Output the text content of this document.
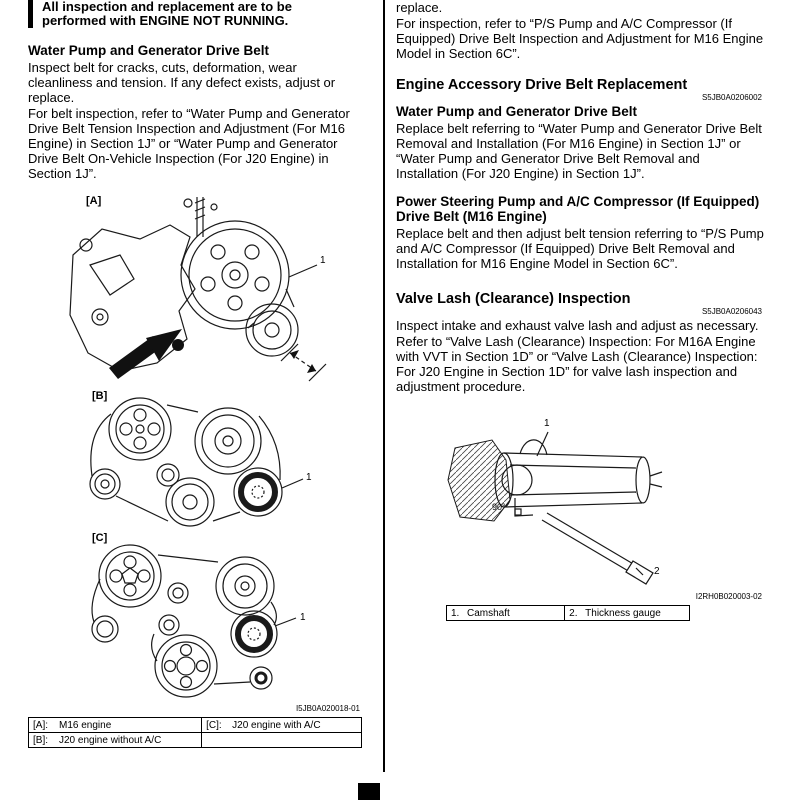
All inspection and replacement are to be performed with ENGINE NOT RUNNING.
Water Pump and Generator Drive Belt

Inspect belt for cracks, cuts, deformation, wear cleanliness and tension. If any defect exists, adjust or replace.

For belt inspection, refer to “Water Pump and Generator Drive Belt Tension Inspection and Adjustment (For M16 Engine) in Section 1J” or “Water Pump and Generator Drive Belt On-Vehicle Inspection (For J20 Engine) in Section 1J”.

[A]
1
[B]
1
[C]
1
I5JB0A020018-01
[A]: M16 engine	[C]: J20 engine with A/C
[B]: J20 engine without A/C	

replace.

For inspection, refer to “P/S Pump and A/C Compressor (If Equipped) Drive Belt Inspection and Adjustment for M16 Engine Model in Section 6C”.

Engine Accessory Drive Belt Replacement
S5JB0A0206002
Water Pump and Generator Drive Belt

Replace belt referring to “Water Pump and Generator Drive Belt Removal and Installation (For M16 Engine) in Section 1J” or “Water Pump and Generator Drive Belt Removal and Installation (For J20 Engine) in Section 1J”.

Power Steering Pump and A/C Compressor (If Equipped) Drive Belt (M16 Engine)

Replace belt and then adjust belt tension referring to “P/S Pump and A/C Compressor (If Equipped) Drive Belt Removal and Installation for M16 Engine Model in Section 6C”.

Valve Lash (Clearance) Inspection
S5JB0A0206043

Inspect intake and exhaust valve lash and adjust as necessary.

Refer to “Valve Lash (Clearance) Inspection: For M16A Engine with VVT in Section 1D” or “Valve Lash (Clearance) Inspection: For J20 Engine in Section 1D” for valve lash inspection and adjustment procedure.

1
90°
2
I2RH0B020003-02
1. Camshaft	2. Thickness gauge
